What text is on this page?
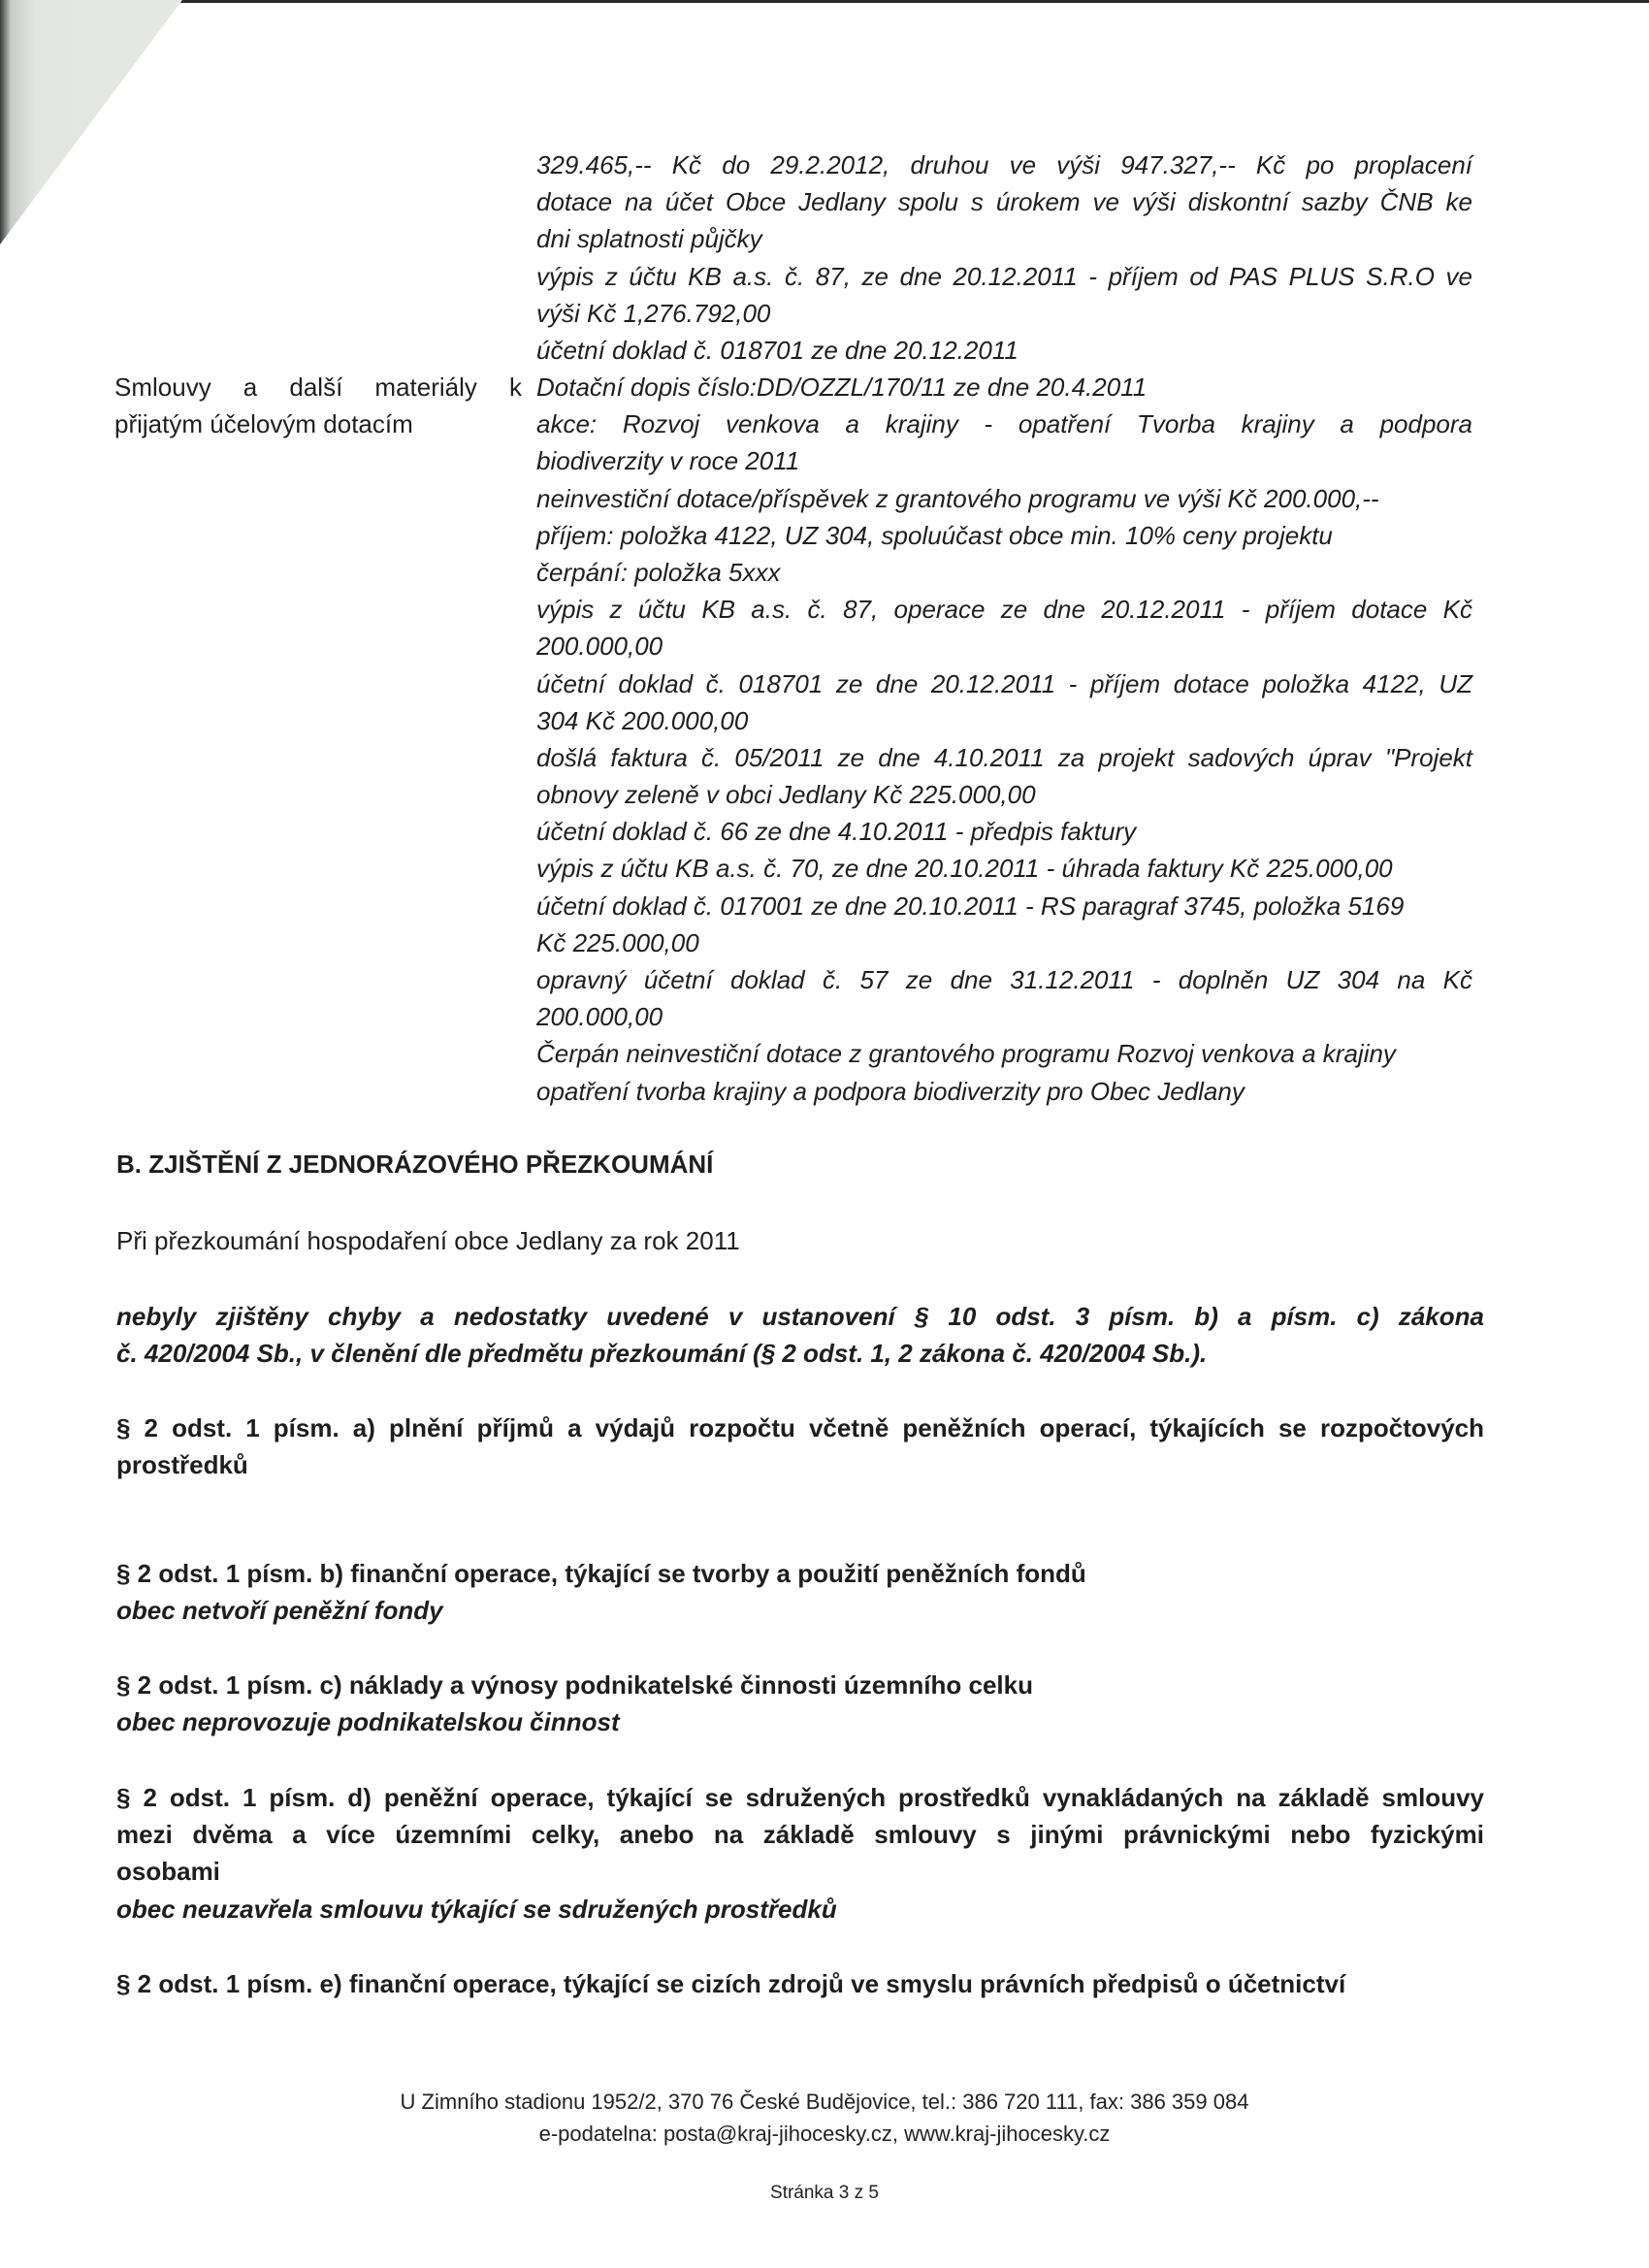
329.465,-- Kč do 29.2.2012, druhou ve výši 947.327,-- Kč po proplacení
dotace na účet Obce Jedlany spolu s úrokem ve výši diskontní sazby ČNB ke
dni splatnosti půjčky
výpis z účtu KB a.s. č. 87, ze dne 20.12.2011 - příjem od PAS PLUS S.R.O ve
výši Kč 1,276.792,00
účetní doklad č. 018701 ze dne 20.12.2011
Smlouvy a další materiály k
přijatým účelovým dotacím
Dotační dopis číslo:DD/OZZL/170/11 ze dne 20.4.2011
akce: Rozvoj venkova a krajiny - opatření Tvorba krajiny a podpora
biodiverzity v roce 2011
neinvestiční dotace/příspěvek z grantového programu ve výši Kč 200.000,--
příjem: položka 4122, UZ 304, spoluúčast obce min. 10% ceny projektu
čerpání: položka 5xxx
výpis z účtu KB a.s. č. 87, operace ze dne 20.12.2011 - příjem dotace Kč
200.000,00
účetní doklad č. 018701 ze dne 20.12.2011 - příjem dotace položka 4122, UZ
304 Kč 200.000,00
došlá faktura č. 05/2011 ze dne 4.10.2011 za projekt sadových úprav "Projekt
obnovy zeleně v obci Jedlany Kč 225.000,00
účetní doklad č. 66 ze dne 4.10.2011 - předpis faktury
výpis z účtu KB a.s. č. 70, ze dne 20.10.2011 - úhrada faktury Kč 225.000,00
účetní doklad č. 017001 ze dne 20.10.2011 - RS paragraf 3745, položka 5169
Kč 225.000,00
opravný účetní doklad č. 57 ze dne 31.12.2011 - doplněn UZ 304 na Kč
200.000,00
Čerpán neinvestiční dotace z grantového programu Rozvoj venkova a krajiny
opatření tvorba krajiny a podpora biodiverzity pro Obec Jedlany
B. ZJIŠTĚNÍ Z JEDNORÁZOVÉHO PŘEZKOUMÁNÍ
Při přezkoumání hospodaření obce Jedlany za rok 2011
nebyly zjištěny chyby a nedostatky uvedené v ustanovení § 10 odst. 3 písm. b) a písm. c) zákona
č. 420/2004 Sb., v členění dle předmětu přezkoumání (§ 2 odst. 1, 2 zákona č. 420/2004 Sb.).
§ 2 odst. 1 písm. a) plnění příjmů a výdajů rozpočtu včetně peněžních operací, týkajících se rozpočtových
prostředků
§ 2 odst. 1 písm. b) finanční operace, týkající se tvorby a použití peněžních fondů
obec netvoří peněžní fondy
§ 2 odst. 1 písm. c) náklady a výnosy podnikatelské činnosti územního celku
obec neprovozuje podnikatelskou činnost
§ 2 odst. 1 písm. d) peněžní operace, týkající se sdružených prostředků vynakládaných na základě smlouvy
mezi dvěma a více územními celky, anebo na základě smlouvy s jinými právnickými nebo fyzickými
osobami
obec neuzavřela smlouvu týkající se sdružených prostředků
§ 2 odst. 1 písm. e) finanční operace, týkající se cizích zdrojů ve smyslu právních předpisů o účetnictví
U Zimního stadionu 1952/2, 370 76 České Budějovice, tel.: 386 720 111, fax: 386 359 084
e-podatelna: posta@kraj-jihocesky.cz, www.kraj-jihocesky.cz
Stránka 3 z 5
